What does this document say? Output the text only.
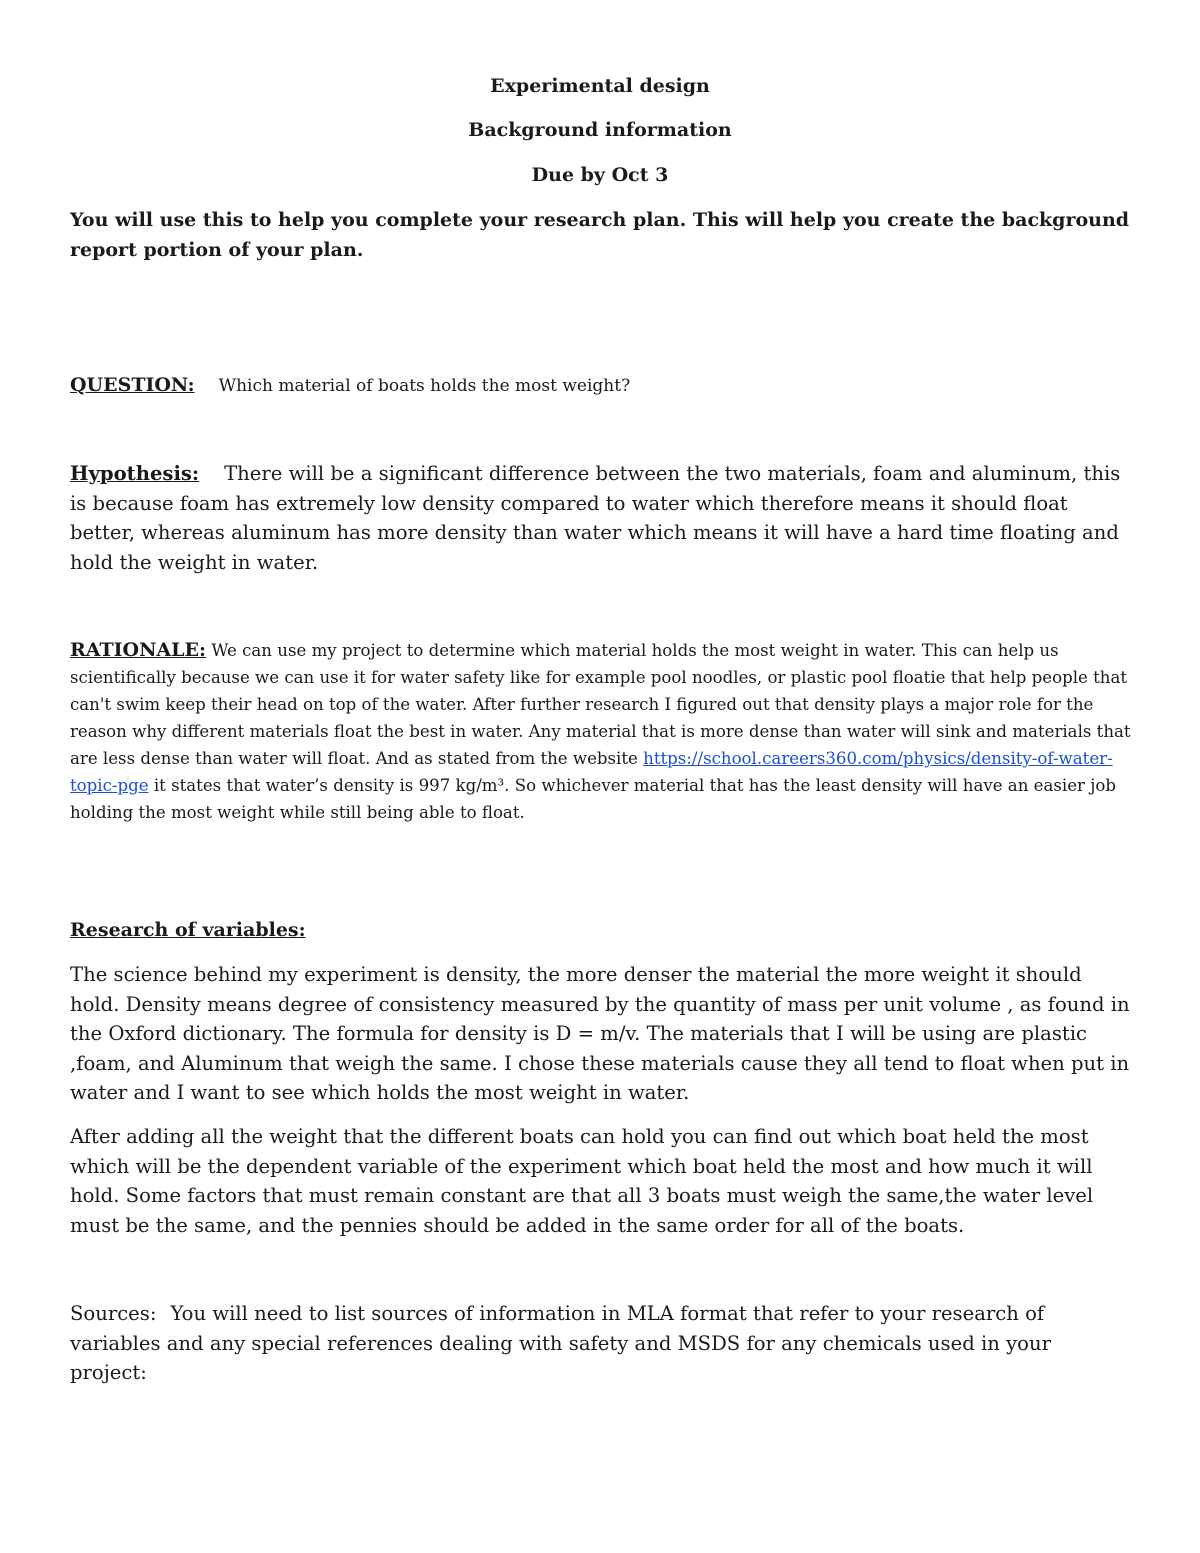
Experimental design
Background information
Due by Oct 3
You will use this to help you complete your research plan. This will help you create the background report portion of your plan.
QUESTION: Which material of boats holds the most weight?
Hypothesis: There will be a significant difference between the two materials, foam and aluminum, this is because foam has extremely low density compared to water which therefore means it should float better, whereas aluminum has more density than water which means it will have a hard time floating and hold the weight in water.
RATIONALE: We can use my project to determine which material holds the most weight in water. This can help us scientifically because we can use it for water safety like for example pool noodles, or plastic pool floatie that help people that can't swim keep their head on top of the water. After further research I figured out that density plays a major role for the reason why different materials float the best in water. Any material that is more dense than water will sink and materials that are less dense than water will float. And as stated from the website https://school.careers360.com/physics/density-of-water-topic-pge it states that water’s density is 997 kg/m³. So whichever material that has the least density will have an easier job holding the most weight while still being able to float.
Research of variables:
The science behind my experiment is density, the more denser the material the more weight it should hold. Density means degree of consistency measured by the quantity of mass per unit volume , as found in the Oxford dictionary. The formula for density is D = m/v. The materials that I will be using are plastic ,foam, and Aluminum that weigh the same. I chose these materials cause they all tend to float when put in water and I want to see which holds the most weight in water.
After adding all the weight that the different boats can hold you can find out which boat held the most which will be the dependent variable of the experiment which boat held the most and how much it will hold. Some factors that must remain constant are that all 3 boats must weigh the same,the water level must be the same, and the pennies should be added in the same order for all of the boats.
Sources: You will need to list sources of information in MLA format that refer to your research of variables and any special references dealing with safety and MSDS for any chemicals used in your project:
